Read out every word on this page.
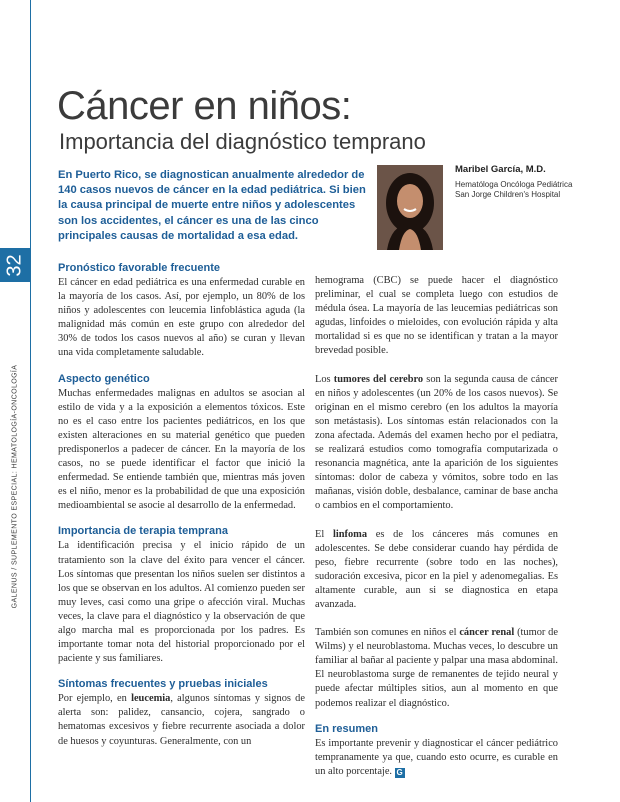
GALENUS / SUPLEMENTO ESPECIAL: HEMATOLOGÍA-ONCOLOGÍA
32
Cáncer en niños:
Importancia del diagnóstico temprano
En Puerto Rico, se diagnostican anualmente alrededor de 140 casos nuevos de cáncer en la edad pediátrica. Si bien la causa principal de muerte entre niños y adolescentes son los accidentes, el cáncer es una de las cinco principales causas de mortalidad a esa edad.
Maribel García, M.D.
Hematóloga Oncóloga Pediátrica
San Jorge Children's Hospital
Pronóstico favorable frecuente

El cáncer en edad pediátrica es una enfermedad curable en la mayoría de los casos. Así, por ejemplo, un 80% de los niños y adolescentes con leucemia linfoblástica aguda (la malignidad más común en este grupo con alrededor del 30% de todos los casos nuevos al año) se curan y llevan una vida completamente saludable.

Aspecto genético

Muchas enfermedades malignas en adultos se asocian al estilo de vida y a la exposición a elementos tóxicos. Este no es el caso entre los pacientes pediátricos, en los que existen alteraciones en su material genético que pueden predisponerlos a padecer de cáncer. En la mayoría de los casos, no se puede identificar el factor que inició la enfermedad. Se entiende también que, mientras más joven es el niño, menor es la probabilidad de que una exposición medioambiental se asocie al desarrollo de la enfermedad.

Importancia de terapia temprana

La identificación precisa y el inicio rápido de un tratamiento son la clave del éxito para vencer el cáncer. Los síntomas que presentan los niños suelen ser distintos a los que se observan en los adultos. Al comienzo pueden ser muy leves, casi como una gripe o afección viral. Muchas veces, la clave para el diagnóstico y la observación de que algo marcha mal es proporcionada por los padres. Es importante tomar nota del historial proporcionado por el paciente y sus familiares.

Síntomas frecuentes y pruebas iniciales

Por ejemplo, en leucemia, algunos síntomas y signos de alerta son: palidez, cansancio, cojera, sangrado o hematomas excesivos y fiebre recurrente asociada a dolor de huesos y coyunturas. Generalmente, con un

hemograma (CBC) se puede hacer el diagnóstico preliminar, el cual se completa luego con estudios de médula ósea. La mayoría de las leucemias pediátricas son agudas, linfoides o mieloides, con evolución rápida y alta mortalidad si es que no se identifican y tratan a la mayor brevedad posible.

Los tumores del cerebro son la segunda causa de cáncer en niños y adolescentes (un 20% de los casos nuevos). Se originan en el mismo cerebro (en los adultos la mayoría son metástasis). Los síntomas están relacionados con la zona afectada. Además del examen hecho por el pediatra, se realizará estudios como tomografía computarizada o resonancia magnética, ante la aparición de los siguientes síntomas: dolor de cabeza y vómitos, sobre todo en las mañanas, visión doble, desbalance, caminar de base ancha o cambios en el comportamiento.

El linfoma es de los cánceres más comunes en adolescentes. Se debe considerar cuando hay pérdida de peso, fiebre recurrente (sobre todo en las noches), sudoración excesiva, picor en la piel y adenomegalias. Es altamente curable, aun si se diagnostica en etapa avanzada.

También son comunes en niños el cáncer renal (tumor de Wilms) y el neuroblastoma. Muchas veces, lo descubre un familiar al bañar al paciente y palpar una masa abdominal. El neuroblastoma surge de remanentes de tejido neural y puede afectar múltiples sitios, aun al momento en que podemos realizar el diagnóstico.

En resumen

Es importante prevenir y diagnosticar el cáncer pediátrico tempranamente ya que, cuando esto ocurre, es curable en un alto porcentaje. G
